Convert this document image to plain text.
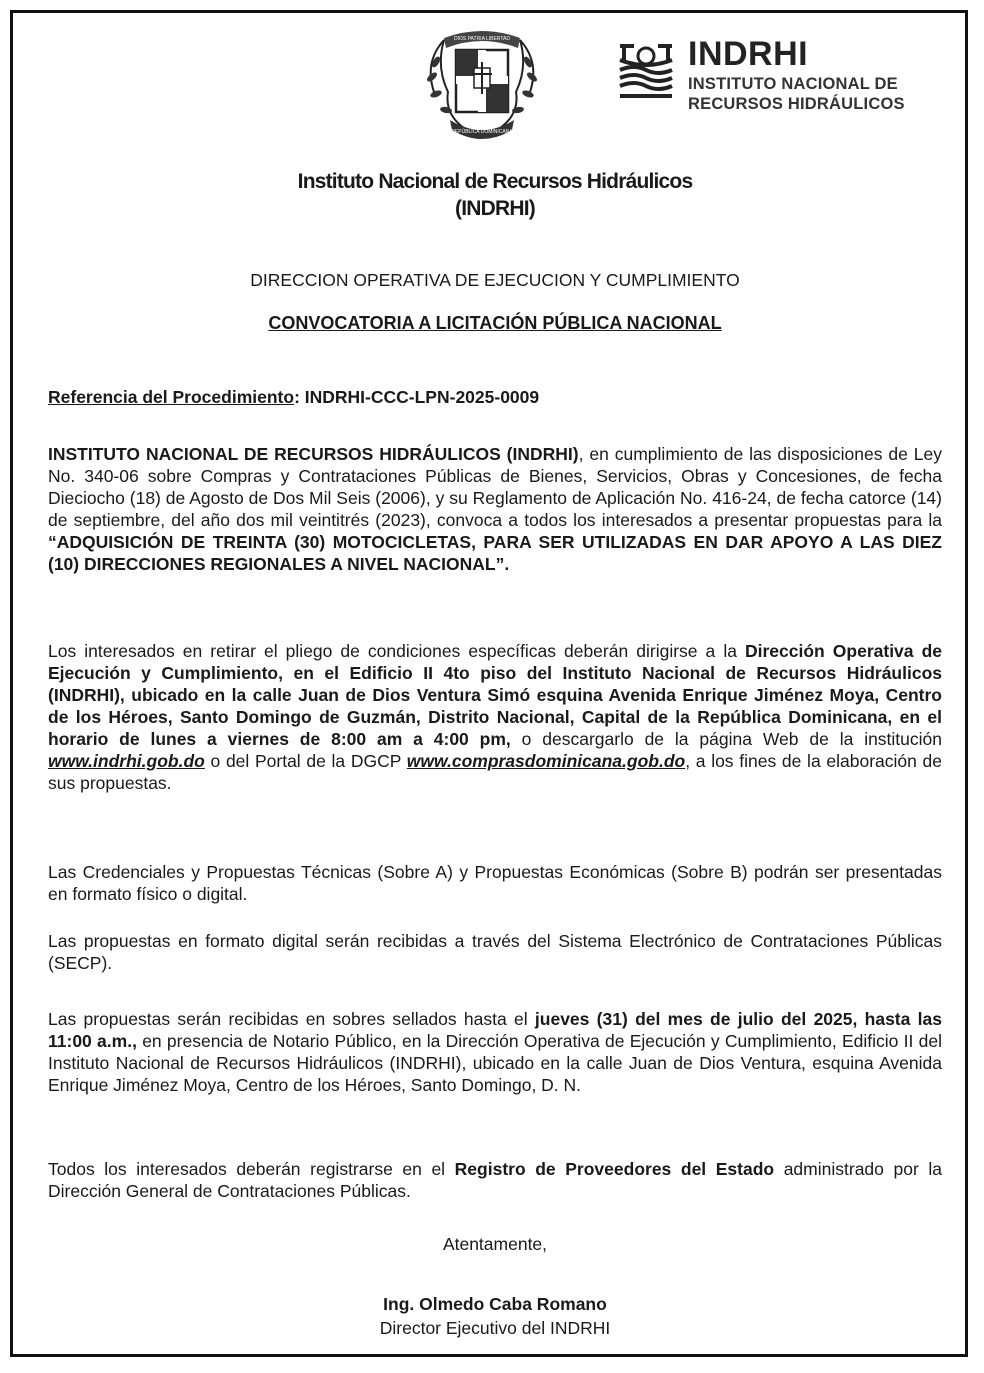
REPÚBLICA DOMINICANA
DIOS PATRIA LIBERTAD	INDRHI
INSTITUTO NACIONAL DE
RECURSOS HIDRÁULICOS
Instituto Nacional de Recursos Hidráulicos
(INDRHI)
DIRECCION OPERATIVA DE EJECUCION Y CUMPLIMIENTO
CONVOCATORIA A LICITACIÓN PÚBLICA NACIONAL
Referencia del Procedimiento: INDRHI-CCC-LPN-2025-0009

INSTITUTO NACIONAL DE RECURSOS HIDRÁULICOS (INDRHI), en cumplimiento de las disposiciones de Ley No. 340-06 sobre Compras y Contrataciones Públicas de Bienes, Servicios, Obras y Concesiones, de fecha Dieciocho (18) de Agosto de Dos Mil Seis (2006), y su Reglamento de Aplicación No. 416-24, de fecha catorce (14) de septiembre, del año dos mil veintitrés (2023), convoca a todos los interesados a presentar propuestas para la “ADQUISICIÓN DE TREINTA (30) MOTOCICLETAS, PARA SER UTILIZADAS EN DAR APOYO A LAS DIEZ (10) DIRECCIONES REGIONALES A NIVEL NACIONAL”.

Los interesados en retirar el pliego de condiciones específicas deberán dirigirse a la Dirección Operativa de Ejecución y Cumplimiento, en el Edificio II 4to piso del Instituto Nacional de Recursos Hidráulicos (INDRHI), ubicado en la calle Juan de Dios Ventura Simó esquina Avenida Enrique Jiménez Moya, Centro de los Héroes, Santo Domingo de Guzmán, Distrito Nacional, Capital de la República Dominicana, en el horario de lunes a viernes de 8:00 am a 4:00 pm, o descargarlo de la página Web de la institución www.indrhi.gob.do o del Portal de la DGCP www.comprasdominicana.gob.do, a los fines de la elaboración de sus propuestas.

Las Credenciales y Propuestas Técnicas (Sobre A) y Propuestas Económicas (Sobre B) podrán ser presentadas en formato físico o digital.

Las propuestas en formato digital serán recibidas a través del Sistema Electrónico de Contrataciones Públicas (SECP).

Las propuestas serán recibidas en sobres sellados hasta el jueves (31) del mes de julio del 2025, hasta las 11:00 a.m., en presencia de Notario Público, en la Dirección Operativa de Ejecución y Cumplimiento, Edificio II del Instituto Nacional de Recursos Hidráulicos (INDRHI), ubicado en la calle Juan de Dios Ventura, esquina Avenida Enrique Jiménez Moya, Centro de los Héroes, Santo Domingo, D. N.

Todos los interesados deberán registrarse en el Registro de Proveedores del Estado administrado por la Dirección General de Contrataciones Públicas.

Atentamente,
Ing. Olmedo Caba Romano
Director Ejecutivo del INDRHI
